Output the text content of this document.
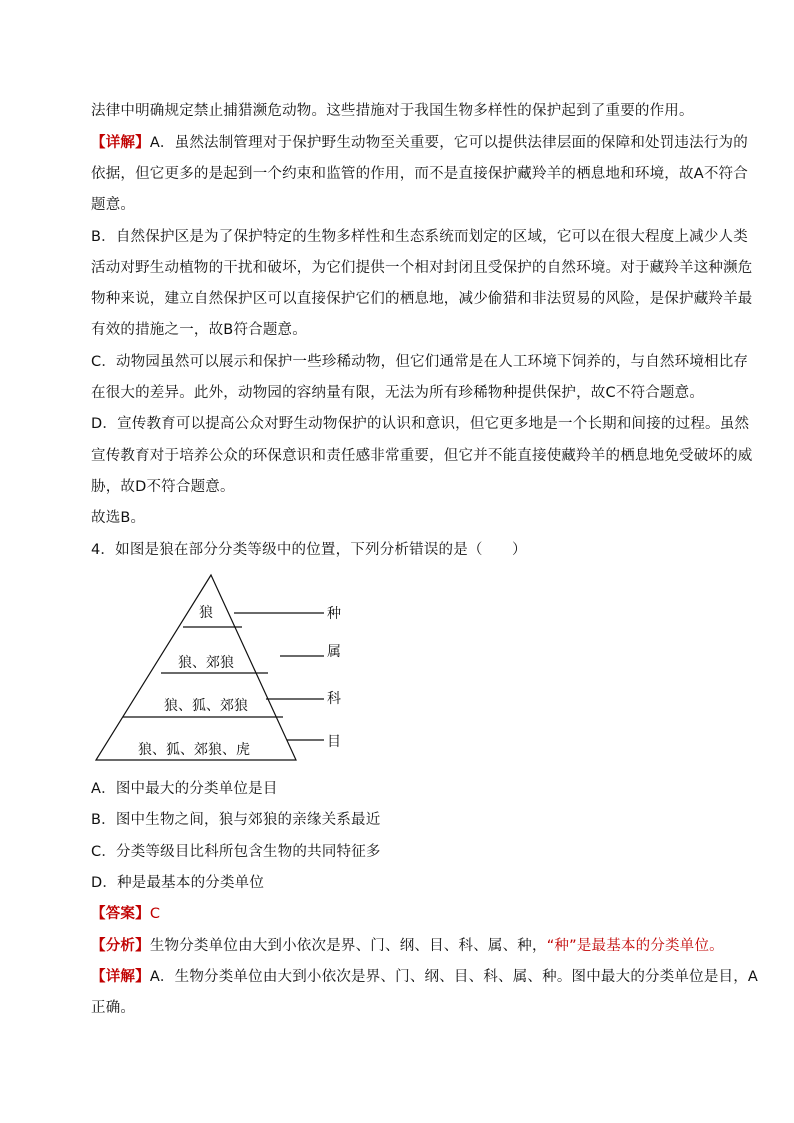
法律中明确规定禁止捕猎濒危动物。这些措施对于我国生物多样性的保护起到了重要的作用。
【详解】A．虽然法制管理对于保护野生动物至关重要，它可以提供法律层面的保障和处罚违法行为的
依据，但它更多的是起到一个约束和监管的作用，而不是直接保护藏羚羊的栖息地和环境，故A不符合
题意。
B．自然保护区是为了保护特定的生物多样性和生态系统而划定的区域，它可以在很大程度上减少人类
活动对野生动植物的干扰和破坏，为它们提供一个相对封闭且受保护的自然环境。对于藏羚羊这种濒危
物种来说，建立自然保护区可以直接保护它们的栖息地，减少偷猎和非法贸易的风险，是保护藏羚羊最
有效的措施之一，故B符合题意。
C．动物园虽然可以展示和保护一些珍稀动物，但它们通常是在人工环境下饲养的，与自然环境相比存
在很大的差异。此外，动物园的容纳量有限，无法为所有珍稀物种提供保护，故C不符合题意。
D．宣传教育可以提高公众对野生动物保护的认识和意识，但它更多地是一个长期和间接的过程。虽然
宣传教育对于培养公众的环保意识和责任感非常重要，但它并不能直接使藏羚羊的栖息地免受破坏的威
胁，故D不符合题意。
故选B。
4．如图是狼在部分分类等级中的位置，下列分析错误的是（　　）
狼
狼、郊狼
狼、狐、郊狼
狼、狐、郊狼、虎
种
属
科
目
A．图中最大的分类单位是目
B．图中生物之间，狼与郊狼的亲缘关系最近
C．分类等级目比科所包含生物的共同特征多
D．种是最基本的分类单位
【答案】C
【分析】生物分类单位由大到小依次是界、门、纲、目、科、属、种，“种”是最基本的分类单位。
【详解】A．生物分类单位由大到小依次是界、门、纲、目、科、属、种。图中最大的分类单位是目，A
正确。
